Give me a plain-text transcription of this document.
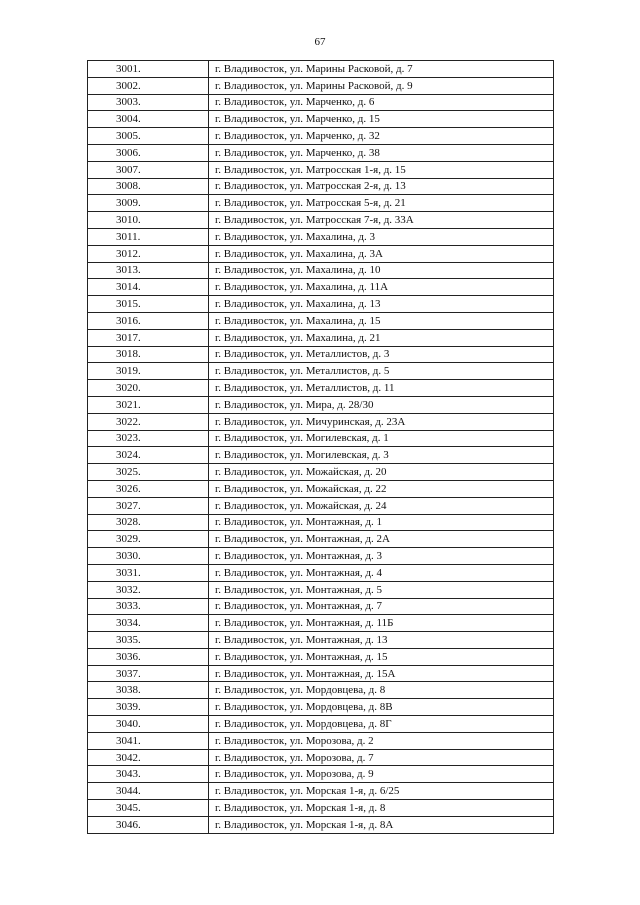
67
3001.	г. Владивосток, ул. Марины Расковой, д. 7
3002.	г. Владивосток, ул. Марины Расковой, д. 9
3003.	г. Владивосток, ул. Марченко, д. 6
3004.	г. Владивосток, ул. Марченко, д. 15
3005.	г. Владивосток, ул. Марченко, д. 32
3006.	г. Владивосток, ул. Марченко, д. 38
3007.	г. Владивосток, ул. Матросская 1-я, д. 15
3008.	г. Владивосток, ул. Матросская 2-я, д. 13
3009.	г. Владивосток, ул. Матросская 5-я, д. 21
3010.	г. Владивосток, ул. Матросская 7-я, д. 33А
3011.	г. Владивосток, ул. Махалина, д. 3
3012.	г. Владивосток, ул. Махалина, д. 3А
3013.	г. Владивосток, ул. Махалина, д. 10
3014.	г. Владивосток, ул. Махалина, д. 11А
3015.	г. Владивосток, ул. Махалина, д. 13
3016.	г. Владивосток, ул. Махалина, д. 15
3017.	г. Владивосток, ул. Махалина, д. 21
3018.	г. Владивосток, ул. Металлистов, д. 3
3019.	г. Владивосток, ул. Металлистов, д. 5
3020.	г. Владивосток, ул. Металлистов, д. 11
3021.	г. Владивосток, ул. Мира, д. 28/30
3022.	г. Владивосток, ул. Мичуринская, д. 23А
3023.	г. Владивосток, ул. Могилевская, д. 1
3024.	г. Владивосток, ул. Могилевская, д. 3
3025.	г. Владивосток, ул. Можайская, д. 20
3026.	г. Владивосток, ул. Можайская, д. 22
3027.	г. Владивосток, ул. Можайская, д. 24
3028.	г. Владивосток, ул. Монтажная, д. 1
3029.	г. Владивосток, ул. Монтажная, д. 2А
3030.	г. Владивосток, ул. Монтажная, д. 3
3031.	г. Владивосток, ул. Монтажная, д. 4
3032.	г. Владивосток, ул. Монтажная, д. 5
3033.	г. Владивосток, ул. Монтажная, д. 7
3034.	г. Владивосток, ул. Монтажная, д. 11Б
3035.	г. Владивосток, ул. Монтажная, д. 13
3036.	г. Владивосток, ул. Монтажная, д. 15
3037.	г. Владивосток, ул. Монтажная, д. 15А
3038.	г. Владивосток, ул. Мордовцева, д. 8
3039.	г. Владивосток, ул. Мордовцева, д. 8В
3040.	г. Владивосток, ул. Мордовцева, д. 8Г
3041.	г. Владивосток, ул. Морозова, д. 2
3042.	г. Владивосток, ул. Морозова, д. 7
3043.	г. Владивосток, ул. Морозова, д. 9
3044.	г. Владивосток, ул. Морская 1-я, д. 6/25
3045.	г. Владивосток, ул. Морская 1-я, д. 8
3046.	г. Владивосток, ул. Морская 1-я, д. 8А
